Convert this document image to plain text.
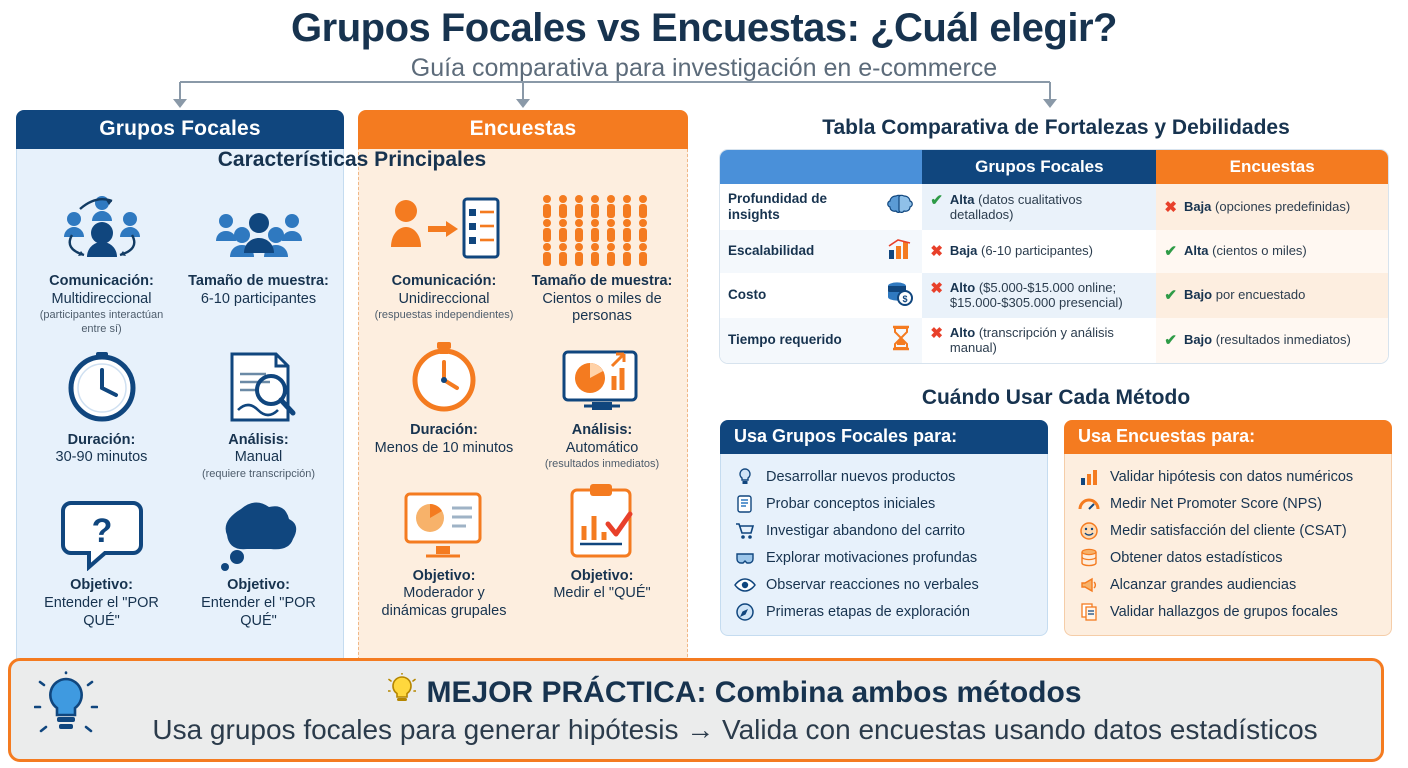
Grupos Focales vs Encuestas: ¿Cuál elegir?
Guía comparativa para investigación en e-commerce
Grupos Focales
Comunicación:
Multidireccional
(participantes interactúan entre sí)
Tamaño de muestra:
6-10 participantes
Duración:
30-90 minutos
Análisis:
Manual
(requiere transcripción)
?
Objetivo:
Entender el "POR QUÉ"
Objetivo:
Entender el "POR QUÉ"
Encuestas
Comunicación:
Unidireccional
(respuestas independientes)
Tamaño de muestra:
Cientos o miles de personas
Duración:
Menos de 10 minutos
Análisis:
Automático
(resultados inmediatos)
Objetivo:
Moderador y dinámicas grupales
Objetivo:
Medir el "QUÉ"
Características Principales
Tabla Comparativa de Fortalezas y Debilidades
	Grupos Focales	Encuestas

Profundidad de insights	✔ Alta (datos cualitativos detallados)	✖ Baja (opciones predefinidas)

Escalabilidad	✖ Baja (6-10 participantes)	✔ Alta (cientos o miles)

Costo $	✖ Alto ($5.000-$15.000 online; $15.000-$305.000 presencial)	✔ Bajo por encuestado

Tiempo requerido	✖ Alto (transcripción y análisis manual)	✔ Bajo (resultados inmediatos)
Cuándo Usar Cada Método
Usa Grupos Focales para:
Desarrollar nuevos productos
Probar conceptos iniciales
Investigar abandono del carrito
Explorar motivaciones profundas
Observar reacciones no verbales
Primeras etapas de exploración
Usa Encuestas para:
Validar hipótesis con datos numéricos
Medir Net Promoter Score (NPS)
Medir satisfacción del cliente (CSAT)
Obtener datos estadísticos
Alcanzar grandes audiencias
Validar hallazgos de grupos focales
MEJOR PRÁCTICA: Combina ambos métodos
Usa grupos focales para generar hipótesis → Valida con encuestas usando datos estadísticos
